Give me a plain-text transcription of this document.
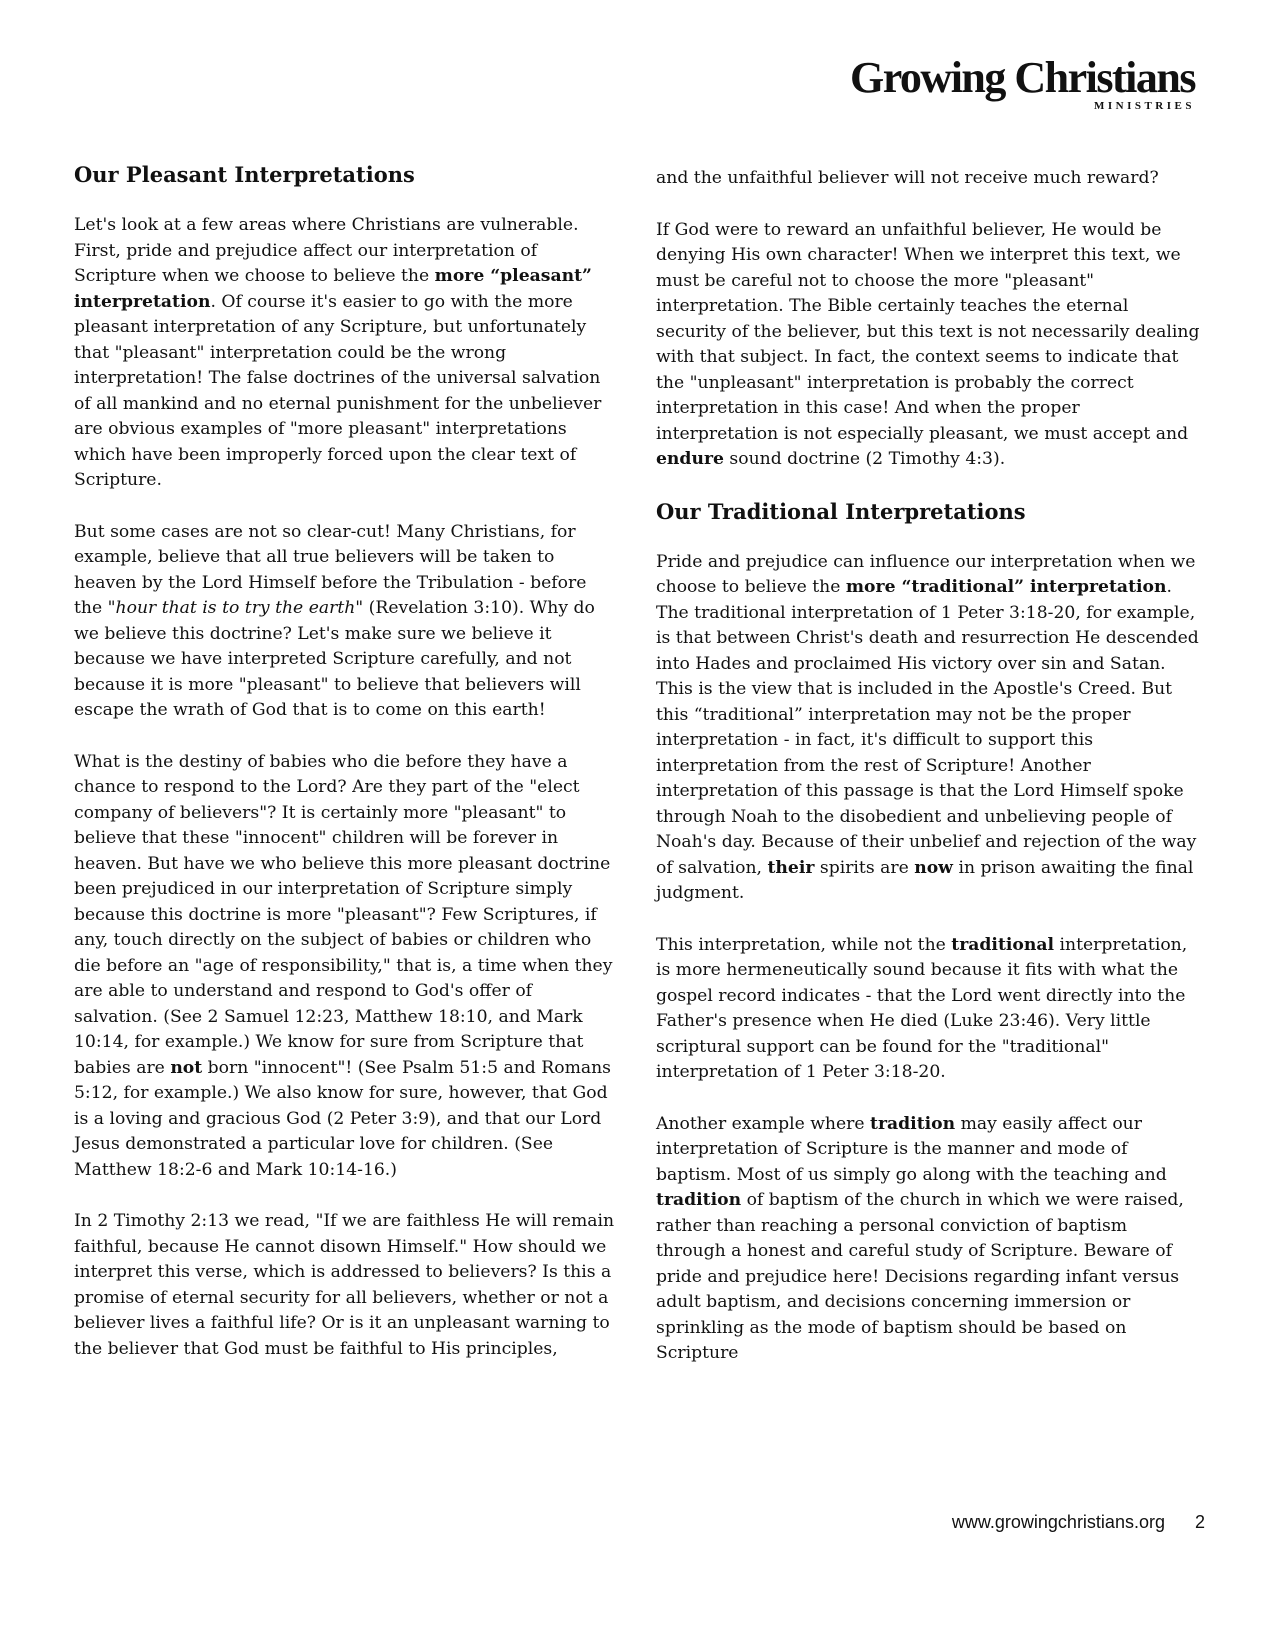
Growing Christians
MINISTRIES
Our Pleasant Interpretations

Let's look at a few areas where Christians are vulnerable. First, pride and prejudice affect our interpretation of Scripture when we choose to believe the more “pleasant” interpretation. Of course it's easier to go with the more pleasant interpretation of any Scripture, but unfortunately that "pleasant" interpretation could be the wrong interpretation! The false doctrines of the universal salvation of all mankind and no eternal punishment for the unbeliever are obvious examples of "more pleasant" interpretations which have been improperly forced upon the clear text of Scripture.

But some cases are not so clear-cut! Many Christians, for example, believe that all true believers will be taken to heaven by the Lord Himself before the Tribulation - before the "hour that is to try the earth" (Revelation 3:10). Why do we believe this doctrine? Let's make sure we believe it because we have interpreted Scripture carefully, and not because it is more "pleasant" to believe that believers will escape the wrath of God that is to come on this earth!

What is the destiny of babies who die before they have a chance to respond to the Lord? Are they part of the "elect company of believers"? It is certainly more "pleasant" to believe that these "innocent" children will be forever in heaven. But have we who believe this more pleasant doctrine been prejudiced in our interpretation of Scripture simply because this doctrine is more "pleasant"? Few Scriptures, if any, touch directly on the subject of babies or children who die before an "age of responsibility," that is, a time when they are able to understand and respond to God's offer of salvation. (See 2 Samuel 12:23, Matthew 18:10, and Mark 10:14, for example.) We know for sure from Scripture that babies are not born "innocent"! (See Psalm 51:5 and Romans 5:12, for example.) We also know for sure, however, that God is a loving and gracious God (2 Peter 3:9), and that our Lord Jesus demonstrated a particular love for children. (See Matthew 18:2-6 and Mark 10:14-16.)

In 2 Timothy 2:13 we read, "If we are faithless He will remain faithful, because He cannot disown Himself." How should we interpret this verse, which is addressed to believers? Is this a promise of eternal security for all believers, whether or not a believer lives a faithful life? Or is it an unpleasant warning to the believer that God must be faithful to His principles,

and the unfaithful believer will not receive much reward?

If God were to reward an unfaithful believer, He would be denying His own character! When we interpret this text, we must be careful not to choose the more "pleasant" interpretation. The Bible certainly teaches the eternal security of the believer, but this text is not necessarily dealing with that subject. In fact, the context seems to indicate that the "unpleasant" interpretation is probably the correct interpretation in this case! And when the proper interpretation is not especially pleasant, we must accept and endure sound doctrine (2 Timothy 4:3).

Our Traditional Interpretations

Pride and prejudice can influence our interpretation when we choose to believe the more “traditional” interpretation. The traditional interpretation of 1 Peter 3:18-20, for example, is that between Christ's death and resurrection He descended into Hades and proclaimed His victory over sin and Satan. This is the view that is included in the Apostle's Creed. But this “traditional” interpretation may not be the proper interpretation - in fact, it's difficult to support this interpretation from the rest of Scripture! Another interpretation of this passage is that the Lord Himself spoke through Noah to the disobedient and unbelieving people of Noah's day. Because of their unbelief and rejection of the way of salvation, their spirits are now in prison awaiting the final judgment.

This interpretation, while not the traditional interpretation, is more hermeneutically sound because it fits with what the gospel record indicates - that the Lord went directly into the Father's presence when He died (Luke 23:46). Very little scriptural support can be found for the "traditional" interpretation of 1 Peter 3:18-20.

Another example where tradition may easily affect our interpretation of Scripture is the manner and mode of baptism. Most of us simply go along with the teaching and tradition of baptism of the church in which we were raised, rather than reaching a personal conviction of baptism through a honest and careful study of Scripture. Beware of pride and prejudice here! Decisions regarding infant versus adult baptism, and decisions concerning immersion or sprinkling as the mode of baptism should be based on Scripture

www.growingchristians.org 2
